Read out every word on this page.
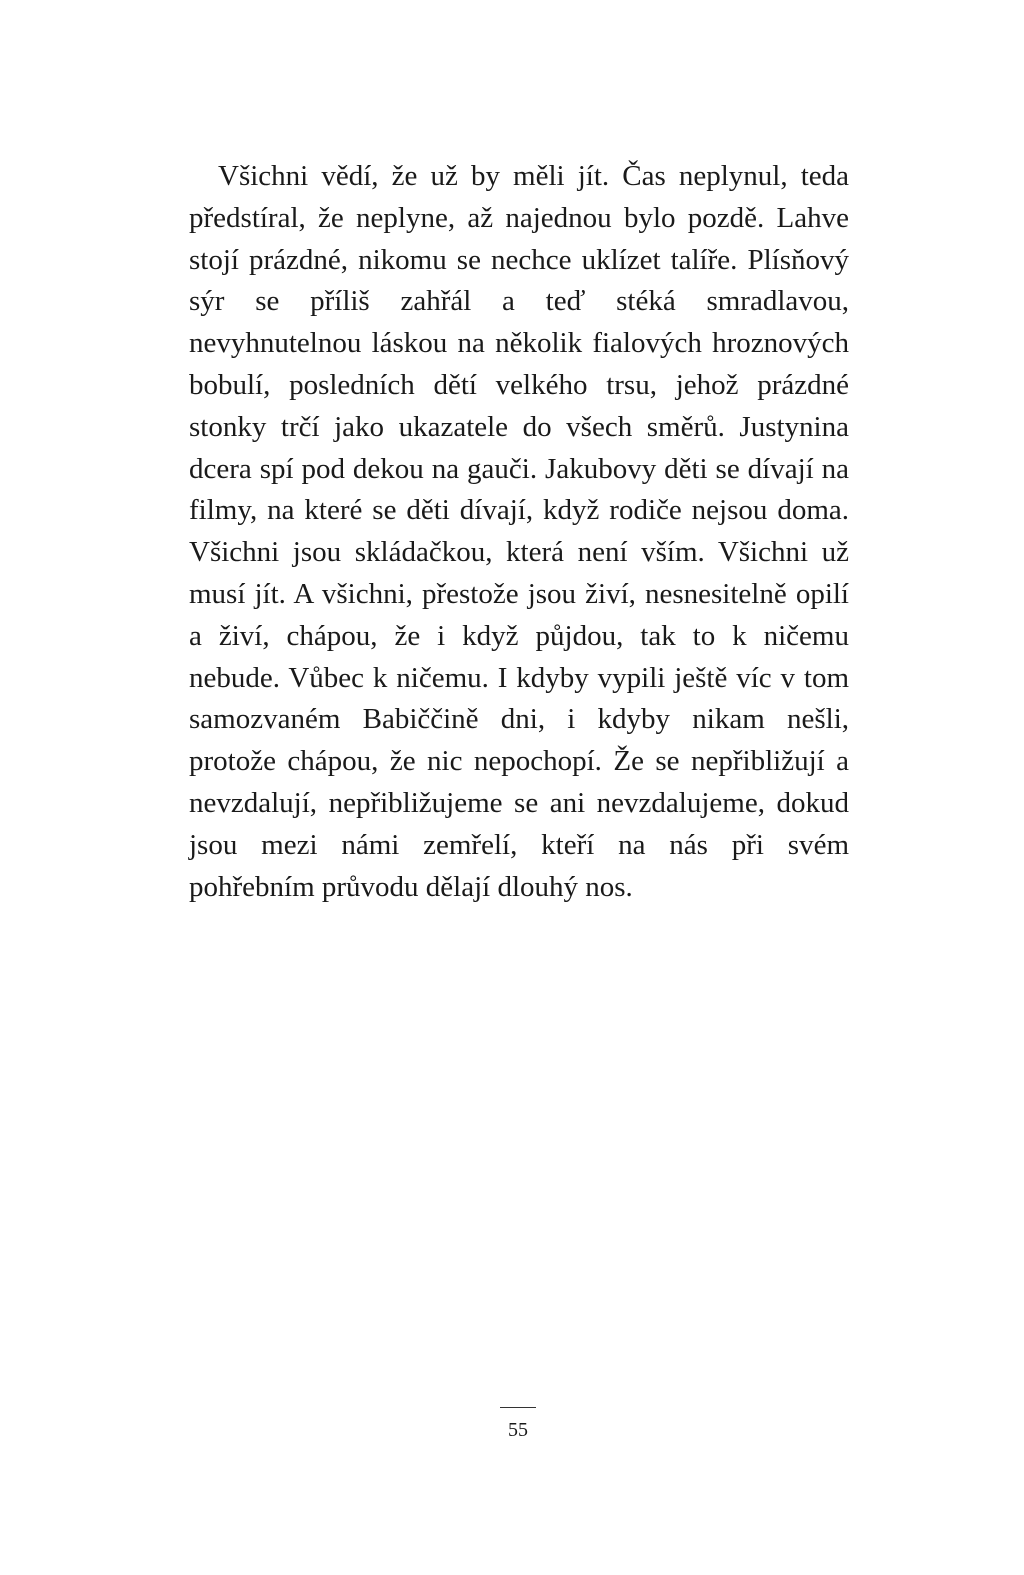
Všichni vědí, že už by měli jít. Čas neplynul, teda předstíral, že neplyne, až najednou bylo pozdě. Lahve stojí prázdné, nikomu se nechce uklízet talíře. Plísňový sýr se příliš zahřál a teď stéká smradlavou, nevyhnutelnou láskou na několik fialových hroznových bobulí, posledních dětí velkého trsu, jehož prázdné stonky trčí jako ukazatele do všech směrů. Justynina dcera spí pod dekou na gauči. Jakubovy děti se dívají na filmy, na které se děti dívají, když rodiče nejsou doma. Všichni jsou skládačkou, která není vším. Všichni už musí jít. A všichni, přestože jsou živí, nesnesitelně opilí a živí, chápou, že i když půjdou, tak to k ničemu nebude. Vůbec k ničemu. I kdyby vypili ještě víc v tom samozvaném Babiččině dni, i kdyby nikam nešli, protože chápou, že nic nepochopí. Že se nepřibližují a nevzdalují, nepřibližujeme se ani nevzdalujeme, dokud jsou mezi námi zemřelí, kteří na nás při svém pohřebním průvodu dělají dlouhý nos.

55
